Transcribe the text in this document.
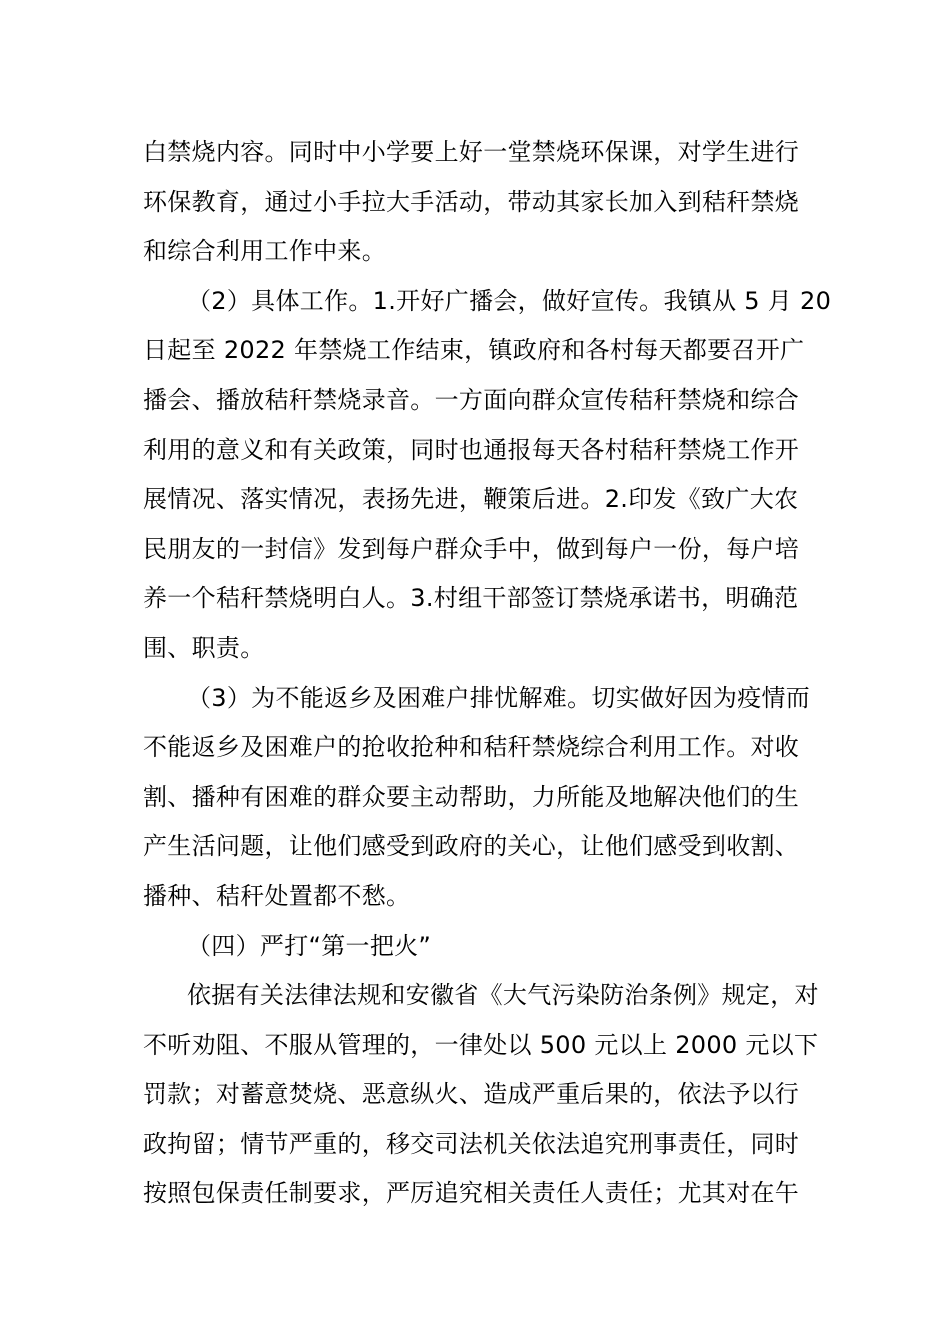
白禁烧内容。同时中小学要上好一堂禁烧环保课，对学生进行
环保教育，通过小手拉大手活动，带动其家长加入到秸秆禁烧
和综合利用工作中来。
（2）具体工作。1.开好广播会，做好宣传。我镇从 5 月 20
日起至 2022 年禁烧工作结束，镇政府和各村每天都要召开广
播会、播放秸秆禁烧录音。一方面向群众宣传秸秆禁烧和综合
利用的意义和有关政策，同时也通报每天各村秸秆禁烧工作开
展情况、落实情况，表扬先进，鞭策后进。2.印发《致广大农
民朋友的一封信》发到每户群众手中，做到每户一份，每户培
养一个秸秆禁烧明白人。3.村组干部签订禁烧承诺书，明确范
围、职责。
（3）为不能返乡及困难户排忧解难。切实做好因为疫情而
不能返乡及困难户的抢收抢种和秸秆禁烧综合利用工作。对收
割、播种有困难的群众要主动帮助，力所能及地解决他们的生
产生活问题，让他们感受到政府的关心，让他们感受到收割、
播种、秸秆处置都不愁。
（四）严打“第一把火”
依据有关法律法规和安徽省《大气污染防治条例》规定，对
不听劝阻、不服从管理的，一律处以 500 元以上 2000 元以下
罚款；对蓄意焚烧、恶意纵火、造成严重后果的，依法予以行
政拘留；情节严重的，移交司法机关依法追究刑事责任，同时
按照包保责任制要求，严厉追究相关责任人责任；尤其对在午
